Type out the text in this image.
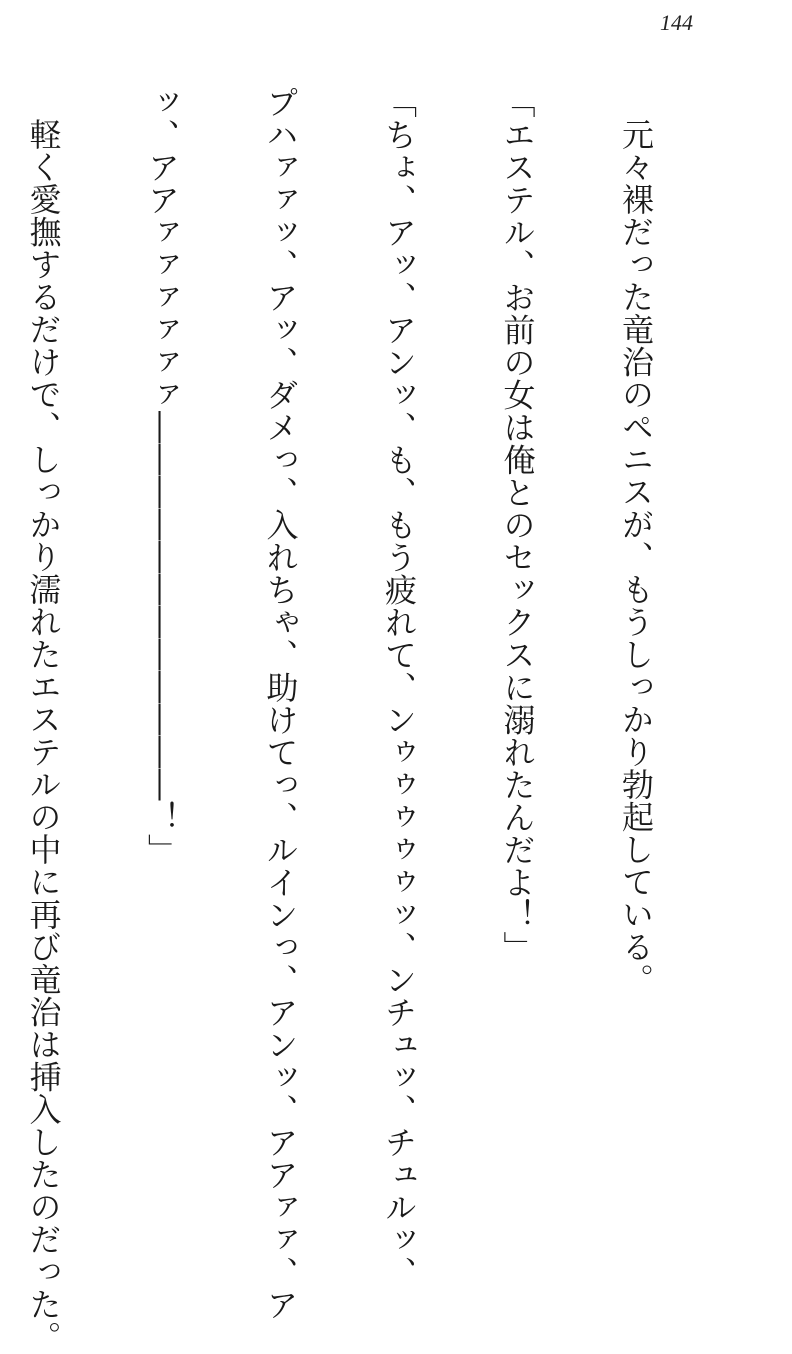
144

元々裸だった竜治のペニスが、もうしっかり勃起している。

「エステル、お前の女は俺とのセックスに溺れたんだよ！」

「ちょ、アッ、アンッ、も、もう疲れて、ンゥゥゥゥゥッ、ンチュッ、チュルッ、

プハァァッ、アッ、ダメっ、入れちゃ、助けてっ、ルインっ、アンッ、アアァァ、ア

ッ、アアァァァァァァ――――――――――――！」

軽く愛撫するだけで、しっかり濡れたエステルの中に再び竜治は挿入したのだった。
